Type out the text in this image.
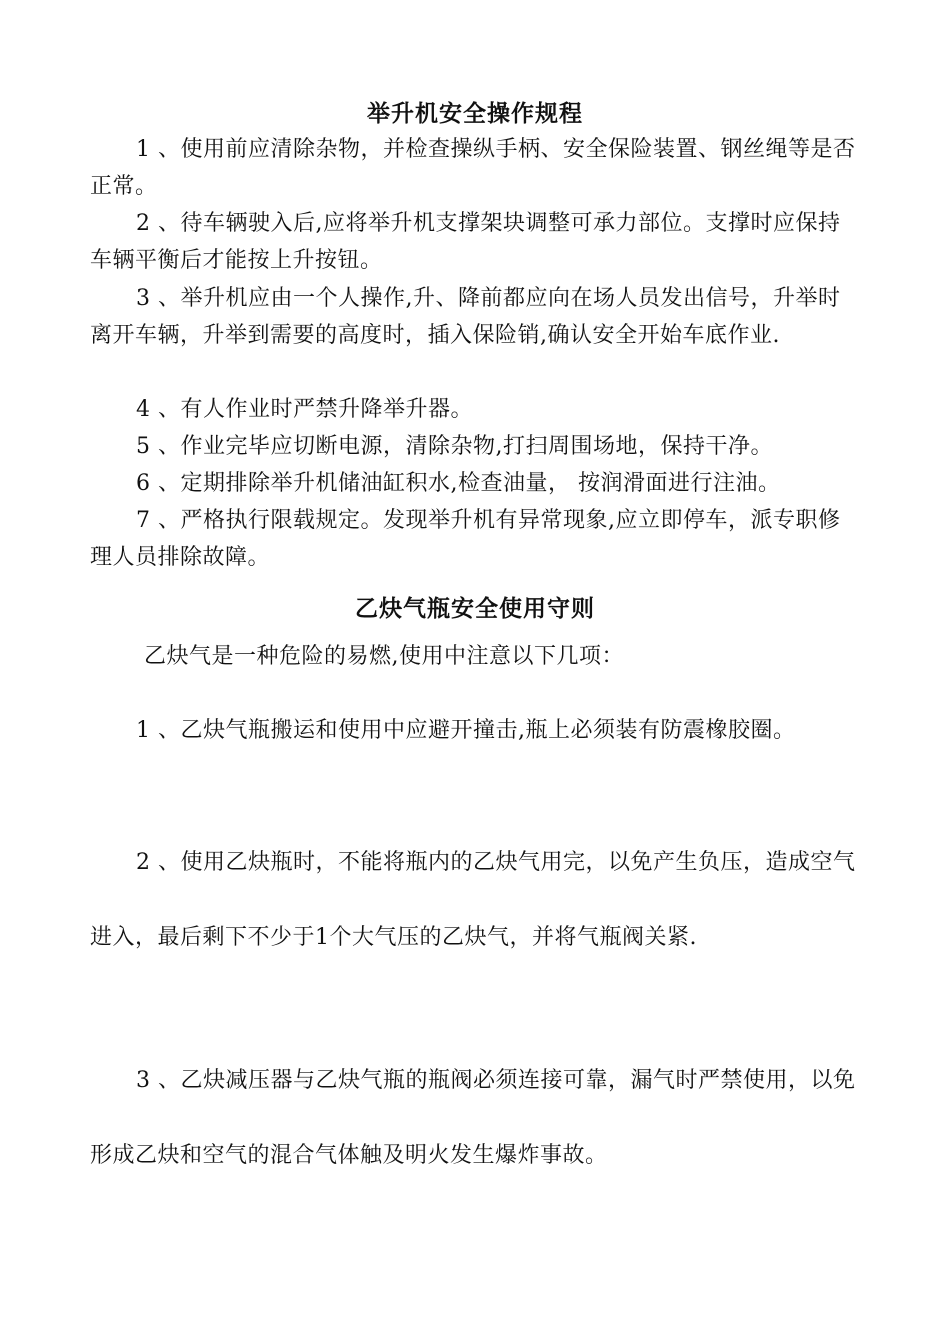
举升机安全操作规程

1 、使用前应清除杂物，并检查操纵手柄、安全保险装置、钢丝绳等是否正常。

2 、待车辆驶入后,应将举升机支撑架块调整可承力部位。支撑时应保持车辆平衡后才能按上升按钮。

3 、举升机应由一个人操作,升、降前都应向在场人员发出信号，升举时离开车辆，升举到需要的高度时，插入保险销,确认安全开始车底作业.

4 、有人作业时严禁升降举升器。

5 、作业完毕应切断电源，清除杂物,打扫周围场地，保持干净。

6 、定期排除举升机储油缸积水,检查油量， 按润滑面进行注油。

7 、严格执行限载规定。发现举升机有异常现象,应立即停车，派专职修理人员排除故障。

乙炔气瓶安全使用守则

乙炔气是一种危险的易燃,使用中注意以下几项：

1 、乙炔气瓶搬运和使用中应避开撞击,瓶上必须装有防震橡胶圈。

2 、使用乙炔瓶时，不能将瓶内的乙炔气用完，以免产生负压，造成空气进入，最后剩下不少于1个大气压的乙炔气，并将气瓶阀关紧.

3 、乙炔减压器与乙炔气瓶的瓶阀必须连接可靠，漏气时严禁使用，以免形成乙炔和空气的混合气体触及明火发生爆炸事故。
